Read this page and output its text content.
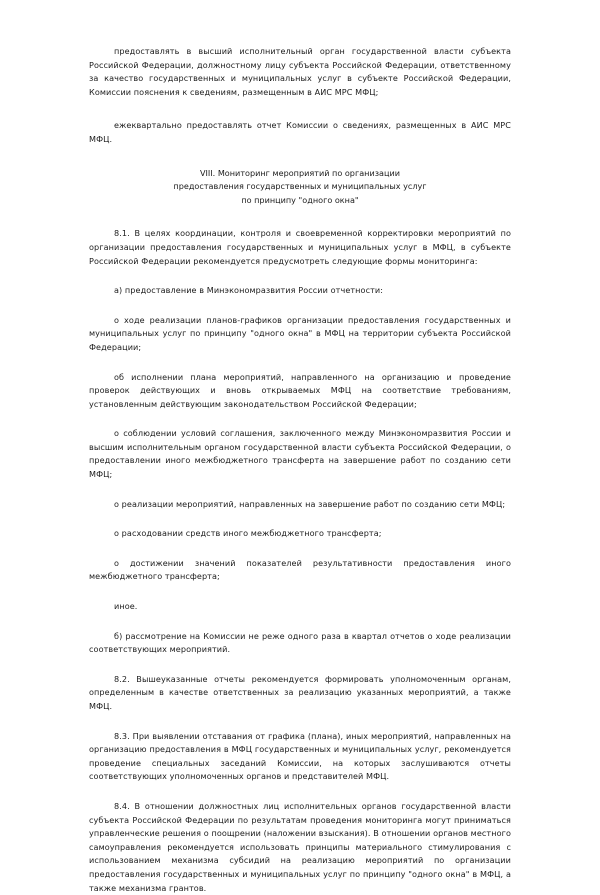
предоставлять в высший исполнительный орган государственной власти субъекта Российской Федерации, должностному лицу субъекта Российской Федерации, ответственному за качество государственных и муниципальных услуг в субъекте Российской Федерации, Комиссии пояснения к сведениям, размещенным в АИС МРС МФЦ;

ежеквартально предоставлять отчет Комиссии о сведениях, размещенных в АИС МРС МФЦ.

VIII. Мониторинг мероприятий по организации

предоставления государственных и муниципальных услуг

по принципу "одного окна"

8.1. В целях координации, контроля и своевременной корректировки мероприятий по организации предоставления государственных и муниципальных услуг в МФЦ, в субъекте Российской Федерации рекомендуется предусмотреть следующие формы мониторинга:

а) предоставление в Минэкономразвития России отчетности:

о ходе реализации планов-графиков организации предоставления государственных и муниципальных услуг по принципу "одного окна" в МФЦ на территории субъекта Российской Федерации;

об исполнении плана мероприятий, направленного на организацию и проведение проверок действующих и вновь открываемых МФЦ на соответствие требованиям, установленным действующим законодательством Российской Федерации;

о соблюдении условий соглашения, заключенного между Минэкономразвития России и высшим исполнительным органом государственной власти субъекта Российской Федерации, о предоставлении иного межбюджетного трансферта на завершение работ по созданию сети МФЦ;

о реализации мероприятий, направленных на завершение работ по созданию сети МФЦ;

о расходовании средств иного межбюджетного трансферта;

о достижении значений показателей результативности предоставления иного межбюджетного трансферта;

иное.

б) рассмотрение на Комиссии не реже одного раза в квартал отчетов о ходе реализации соответствующих мероприятий.

8.2. Вышеуказанные отчеты рекомендуется формировать уполномоченным органам, определенным в качестве ответственных за реализацию указанных мероприятий, а также МФЦ.

8.3. При выявлении отставания от графика (плана), иных мероприятий, направленных на организацию предоставления в МФЦ государственных и муниципальных услуг, рекомендуется проведение специальных заседаний Комиссии, на которых заслушиваются отчеты соответствующих уполномоченных органов и представителей МФЦ.

8.4. В отношении должностных лиц исполнительных органов государственной власти субъекта Российской Федерации по результатам проведения мониторинга могут приниматься управленческие решения о поощрении (наложении взыскания). В отношении органов местного самоуправления рекомендуется использовать принципы материального стимулирования с использованием механизма субсидий на реализацию мероприятий по организации предоставления государственных и муниципальных услуг по принципу "одного окна" в МФЦ, а также механизма грантов.
